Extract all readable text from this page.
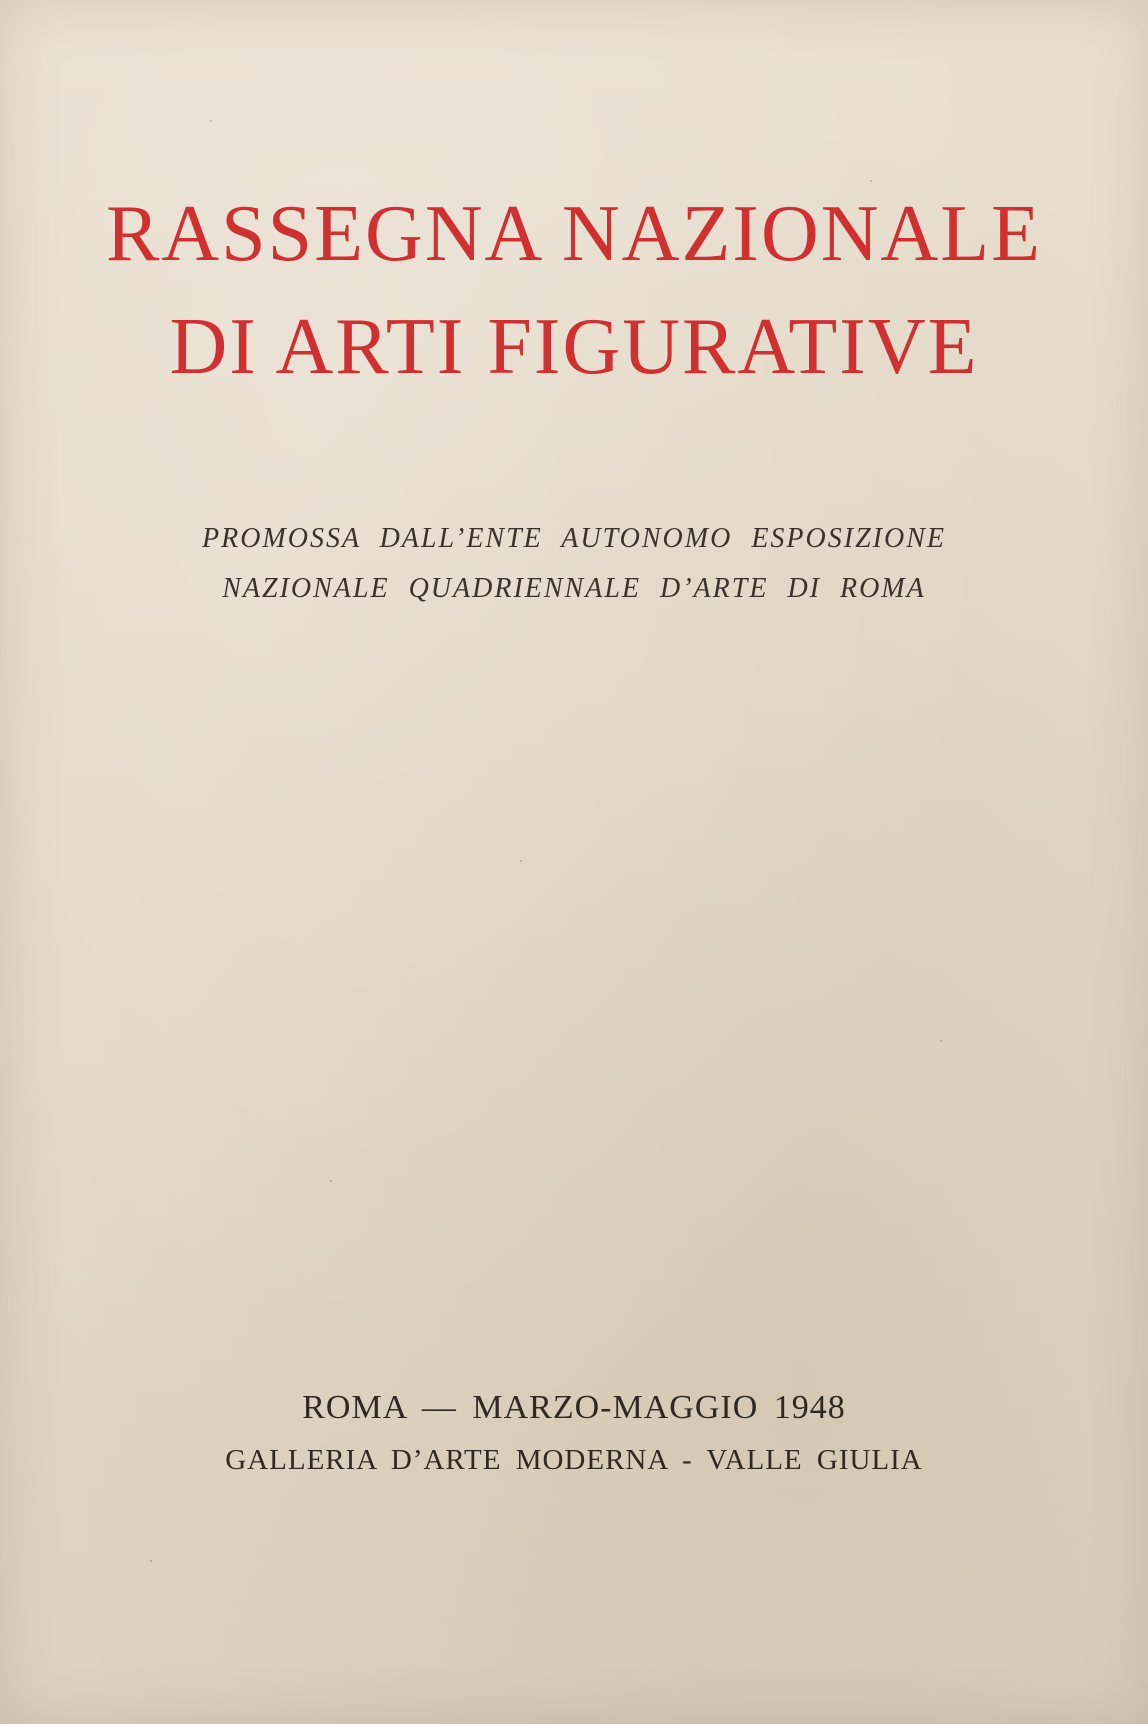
RASSEGNA NAZIONALE
DI ARTI FIGURATIVE

PROMOSSA DALL’ENTE AUTONOMO ESPOSIZIONE
NAZIONALE QUADRIENNALE D’ARTE DI ROMA

ROMA — MARZO-MAGGIO 1948
GALLERIA D’ARTE MODERNA - VALLE GIULIA
